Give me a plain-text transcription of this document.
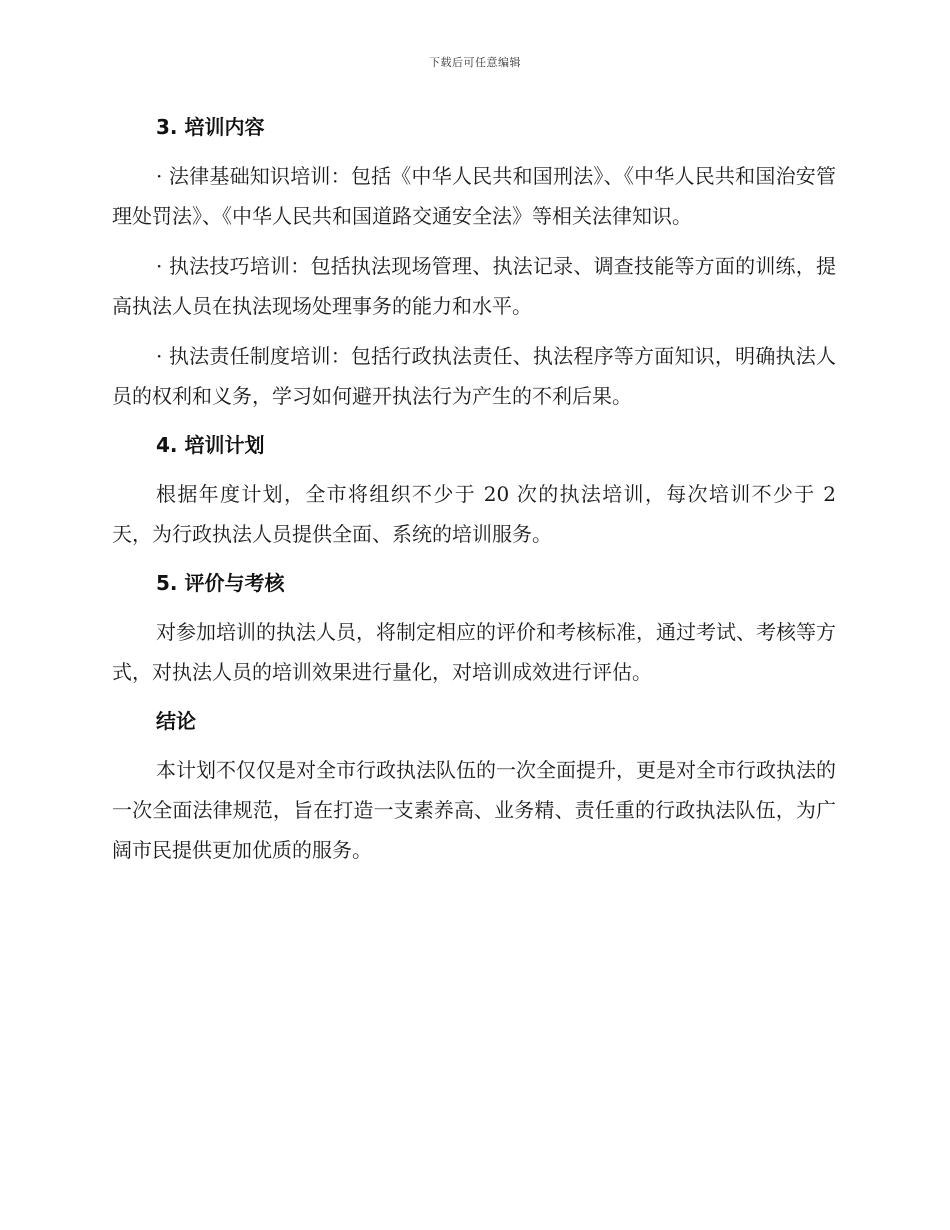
下载后可任意编辑
3. 培训内容

· 法律基础知识培训：包括《中华人民共和国刑法》、《中华人民共和国治安管理处罚法》、《中华人民共和国道路交通安全法》等相关法律知识。

· 执法技巧培训：包括执法现场管理、执法记录、调查技能等方面的训练，提高执法人员在执法现场处理事务的能力和水平。

· 执法责任制度培训：包括行政执法责任、执法程序等方面知识，明确执法人员的权利和义务，学习如何避开执法行为产生的不利后果。

4. 培训计划

根据年度计划，全市将组织不少于 20 次的执法培训，每次培训不少于 2 天，为行政执法人员提供全面、系统的培训服务。

5. 评价与考核

对参加培训的执法人员，将制定相应的评价和考核标准，通过考试、考核等方式，对执法人员的培训效果进行量化，对培训成效进行评估。

结论

本计划不仅仅是对全市行政执法队伍的一次全面提升，更是对全市行政执法的一次全面法律规范，旨在打造一支素养高、业务精、责任重的行政执法队伍，为广阔市民提供更加优质的服务。
